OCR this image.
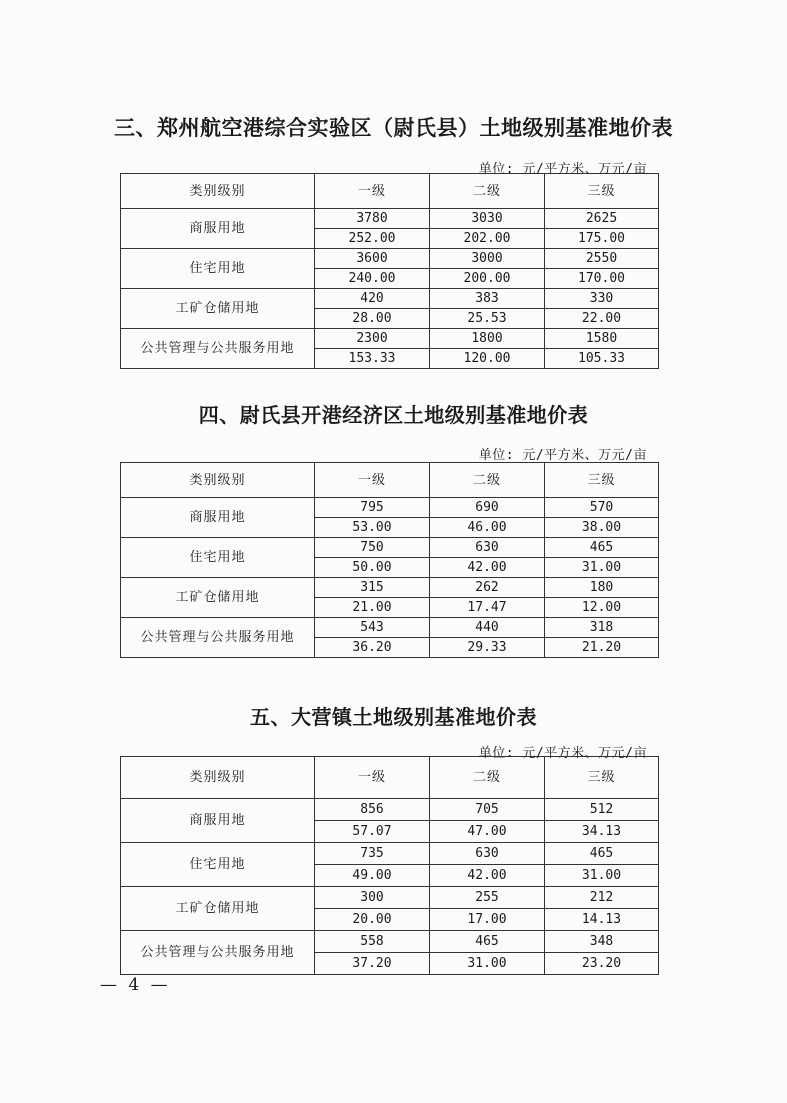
三、郑州航空港综合实验区（尉氏县）土地级别基准地价表
单位: 元/平方米、万元/亩
类别级别	一级	二级	三级
商服用地	3780	3030	2625
	252.00	202.00	175.00
住宅用地	3600	3000	2550
	240.00	200.00	170.00
工矿仓储用地	420	383	330
	28.00	25.53	22.00
公共管理与公共服务用地	2300	1800	1580
	153.33	120.00	105.33
四、尉氏县开港经济区土地级别基准地价表
单位: 元/平方米、万元/亩
类别级别	一级	二级	三级
商服用地	795	690	570
	53.00	46.00	38.00
住宅用地	750	630	465
	50.00	42.00	31.00
工矿仓储用地	315	262	180
	21.00	17.47	12.00
公共管理与公共服务用地	543	440	318
	36.20	29.33	21.20
五、大营镇土地级别基准地价表
单位: 元/平方米、万元/亩
类别级别	一级	二级	三级
商服用地	856	705	512
	57.07	47.00	34.13
住宅用地	735	630	465
	49.00	42.00	31.00
工矿仓储用地	300	255	212
	20.00	17.00	14.13
公共管理与公共服务用地	558	465	348
	37.20	31.00	23.20
— 4 —
